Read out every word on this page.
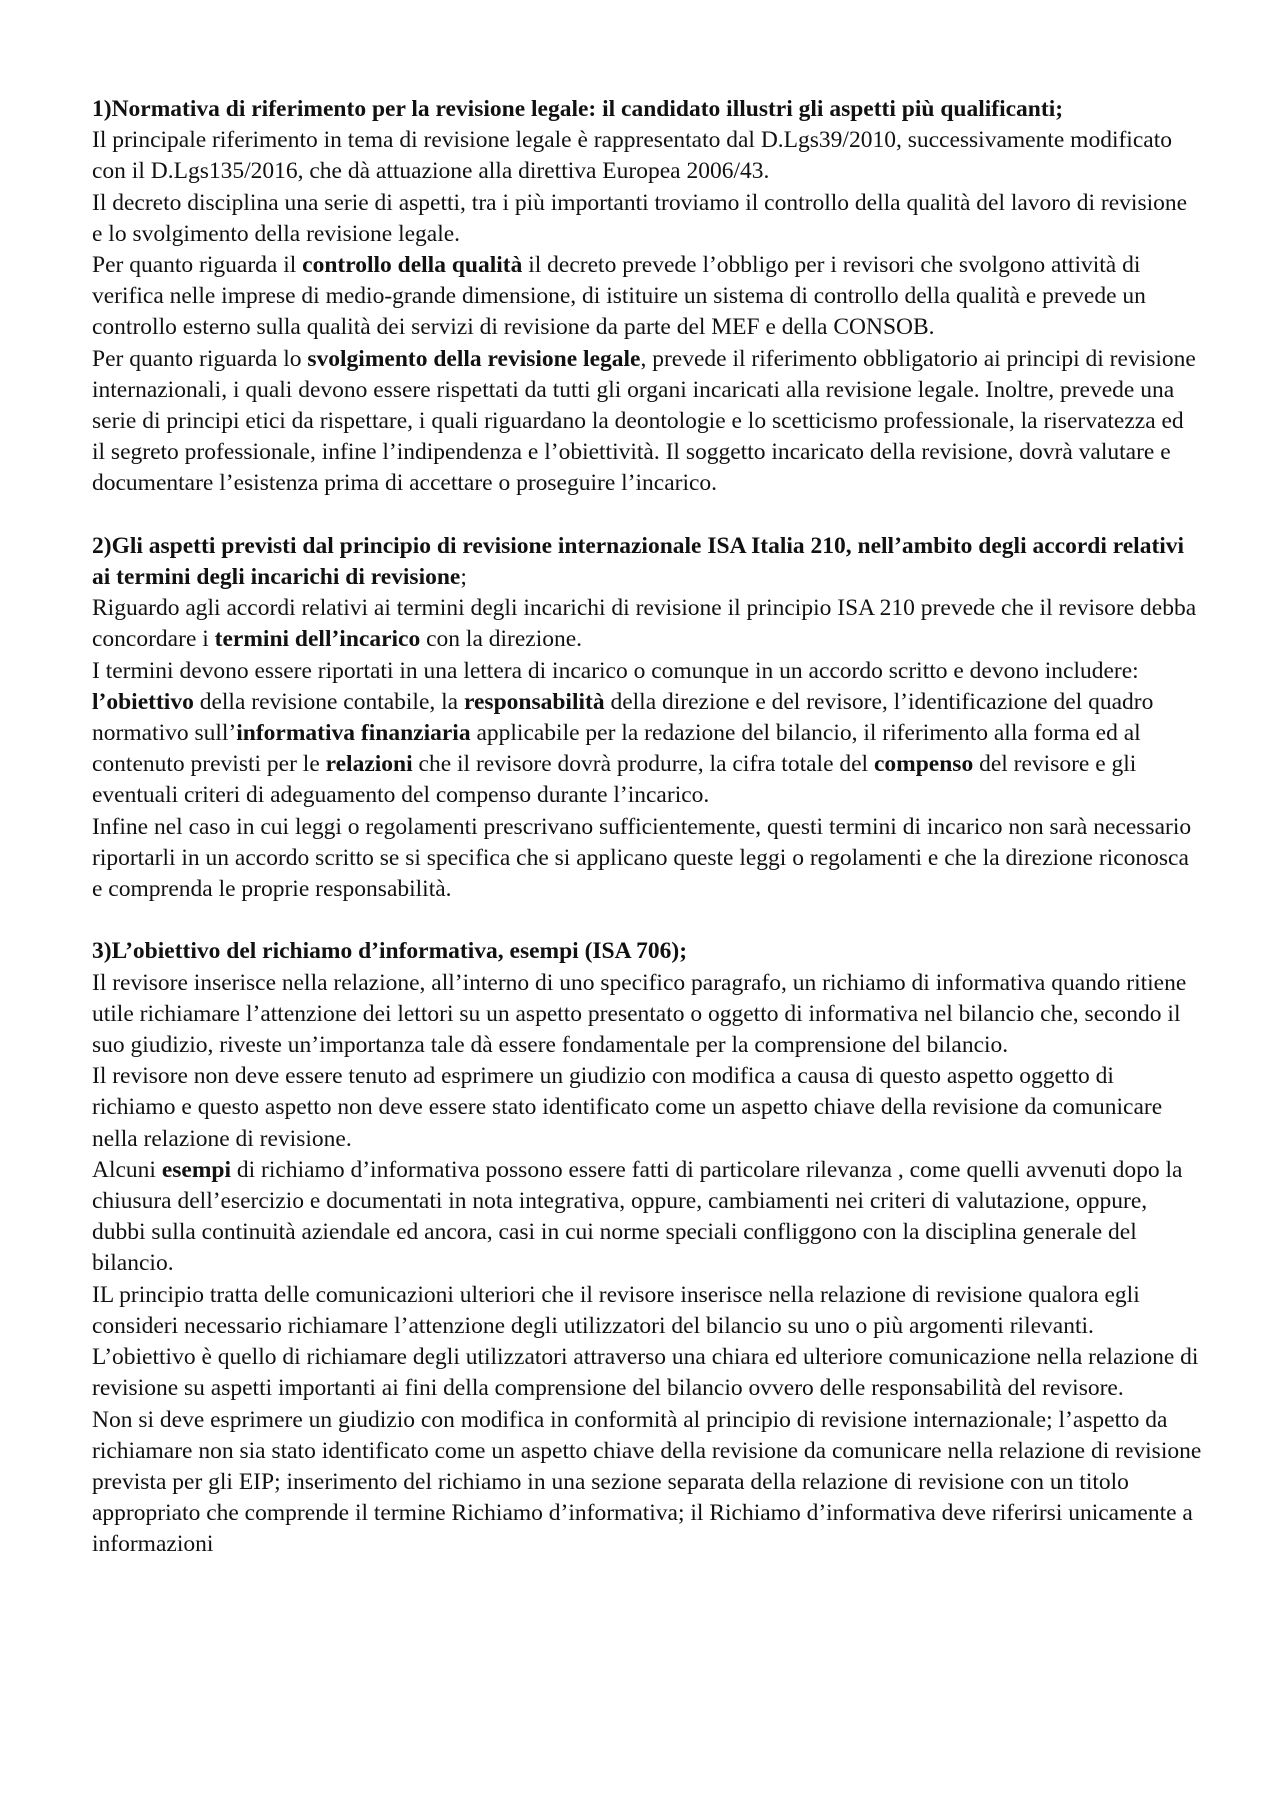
1)Normativa di riferimento per la revisione legale: il candidato illustri gli aspetti più qualificanti;

Il principale riferimento in tema di revisione legale è rappresentato dal D.Lgs39/2010, successivamente modificato con il D.Lgs135/2016, che dà attuazione alla direttiva Europea 2006/43.

Il decreto disciplina una serie di aspetti, tra i più importanti troviamo il controllo della qualità del lavoro di revisione e lo svolgimento della revisione legale.

Per quanto riguarda il controllo della qualità il decreto prevede l’obbligo per i revisori che svolgono attività di verifica nelle imprese di medio-grande dimensione, di istituire un sistema di controllo della qualità e prevede un controllo esterno sulla qualità dei servizi di revisione da parte del MEF e della CONSOB.

Per quanto riguarda lo svolgimento della revisione legale, prevede il riferimento obbligatorio ai principi di revisione internazionali, i quali devono essere rispettati da tutti gli organi incaricati alla revisione legale. Inoltre, prevede una serie di principi etici da rispettare, i quali riguardano la deontologie e lo scetticismo professionale, la riservatezza ed il segreto professionale, infine l’indipendenza e l’obiettività. Il soggetto incaricato della revisione, dovrà valutare e documentare l’esistenza prima di accettare o proseguire l’incarico.

2)Gli aspetti previsti dal principio di revisione internazionale ISA Italia 210, nell’ambito degli accordi relativi ai termini degli incarichi di revisione;

Riguardo agli accordi relativi ai termini degli incarichi di revisione il principio ISA 210 prevede che il revisore debba concordare i termini dell’incarico con la direzione.

I termini devono essere riportati in una lettera di incarico o comunque in un accordo scritto e devono includere: l’obiettivo della revisione contabile, la responsabilità della direzione e del revisore, l’identificazione del quadro normativo sull’informativa finanziaria applicabile per la redazione del bilancio, il riferimento alla forma ed al contenuto previsti per le relazioni che il revisore dovrà produrre, la cifra totale del compenso del revisore e gli eventuali criteri di adeguamento del compenso durante l’incarico.

Infine nel caso in cui leggi o regolamenti prescrivano sufficientemente, questi termini di incarico non sarà necessario riportarli in un accordo scritto se si specifica che si applicano queste leggi o regolamenti e che la direzione riconosca e comprenda le proprie responsabilità.

3)L’obiettivo del richiamo d’informativa, esempi (ISA 706);

Il revisore inserisce nella relazione, all’interno di uno specifico paragrafo, un richiamo di informativa quando ritiene utile richiamare l’attenzione dei lettori su un aspetto presentato o oggetto di informativa nel bilancio che, secondo il suo giudizio, riveste un’importanza tale dà essere fondamentale per la comprensione del bilancio.

Il revisore non deve essere tenuto ad esprimere un giudizio con modifica a causa di questo aspetto oggetto di richiamo e questo aspetto non deve essere stato identificato come un aspetto chiave della revisione da comunicare nella relazione di revisione.

Alcuni esempi di richiamo d’informativa possono essere fatti di particolare rilevanza , come quelli avvenuti dopo la chiusura dell’esercizio e documentati in nota integrativa, oppure, cambiamenti nei criteri di valutazione, oppure, dubbi sulla continuità aziendale ed ancora, casi in cui norme speciali confliggono con la disciplina generale del bilancio.

IL principio tratta delle comunicazioni ulteriori che il revisore inserisce nella relazione di revisione qualora egli consideri necessario richiamare l’attenzione degli utilizzatori del bilancio su uno o più argomenti rilevanti. L’obiettivo è quello di richiamare degli utilizzatori attraverso una chiara ed ulteriore comunicazione nella relazione di revisione su aspetti importanti ai fini della comprensione del bilancio ovvero delle responsabilità del revisore.

Non si deve esprimere un giudizio con modifica in conformità al principio di revisione internazionale; l’aspetto da richiamare non sia stato identificato come un aspetto chiave della revisione da comunicare nella relazione di revisione prevista per gli EIP; inserimento del richiamo in una sezione separata della relazione di revisione con un titolo appropriato che comprende il termine Richiamo d’informativa; il Richiamo d’informativa deve riferirsi unicamente a informazioni
